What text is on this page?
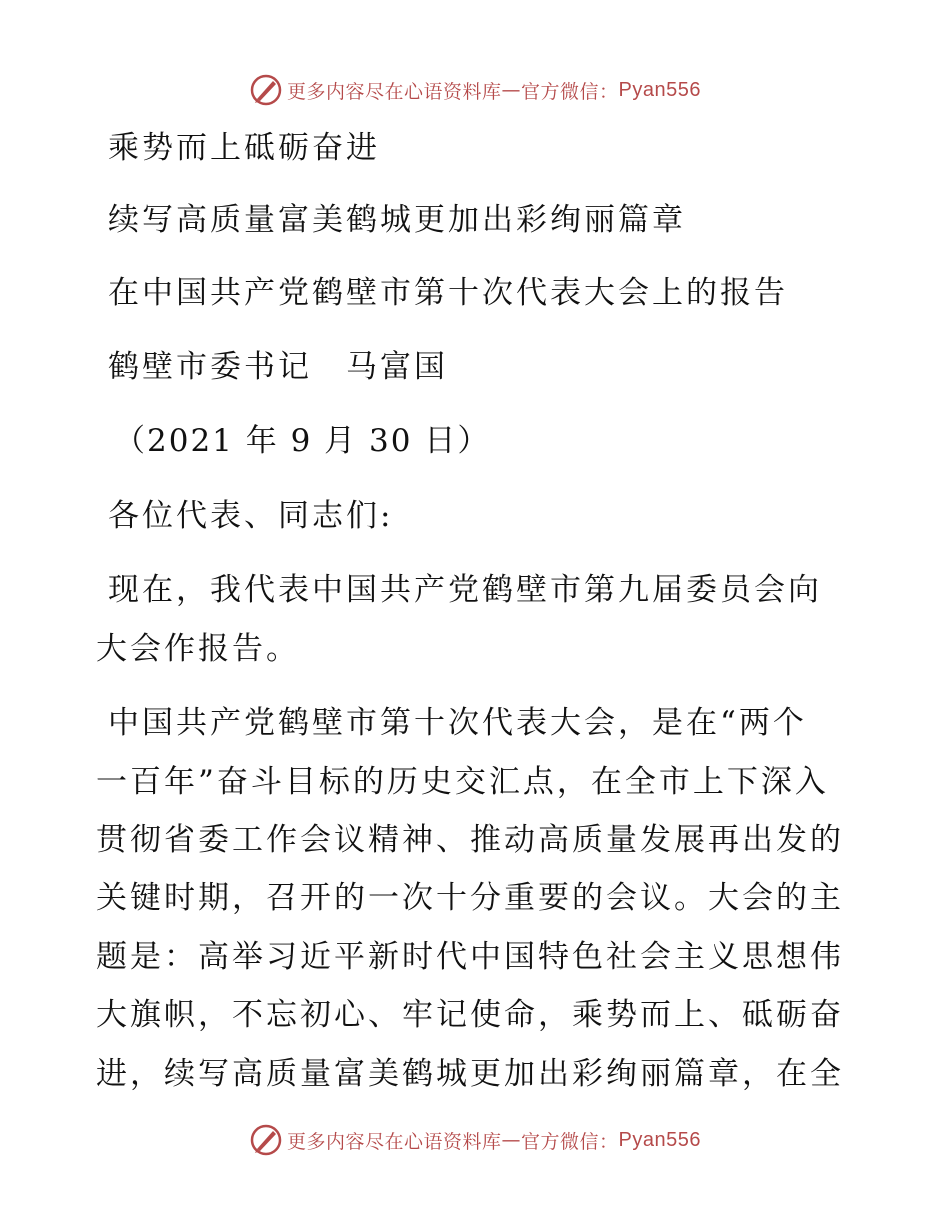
更多内容尽在心语资料库 — 官方微信： Pyan556
乘势而上砥砺奋进
续写高质量富美鹤城更加出彩绚丽篇章
在中国共产党鹤壁市第十次代表大会上的报告
鹤壁市委书记　马富国
（2021 年 9 月 30 日）
各位代表、同志们:
现在，我代表中国共产党鹤壁市第九届委员会向
大会作报告。
中国共产党鹤壁市第十次代表大会，是在“两个
一百年”奋斗目标的历史交汇点，在全市上下深入
贯彻省委工作会议精神、推动高质量发展再出发的
关键时期，召开的一次十分重要的会议。大会的主
题是：高举习近平新时代中国特色社会主义思想伟
大旗帜，不忘初心、牢记使命，乘势而上、砥砺奋
进，续写高质量富美鹤城更加出彩绚丽篇章，在全
更多内容尽在心语资料库 — 官方微信： Pyan556
